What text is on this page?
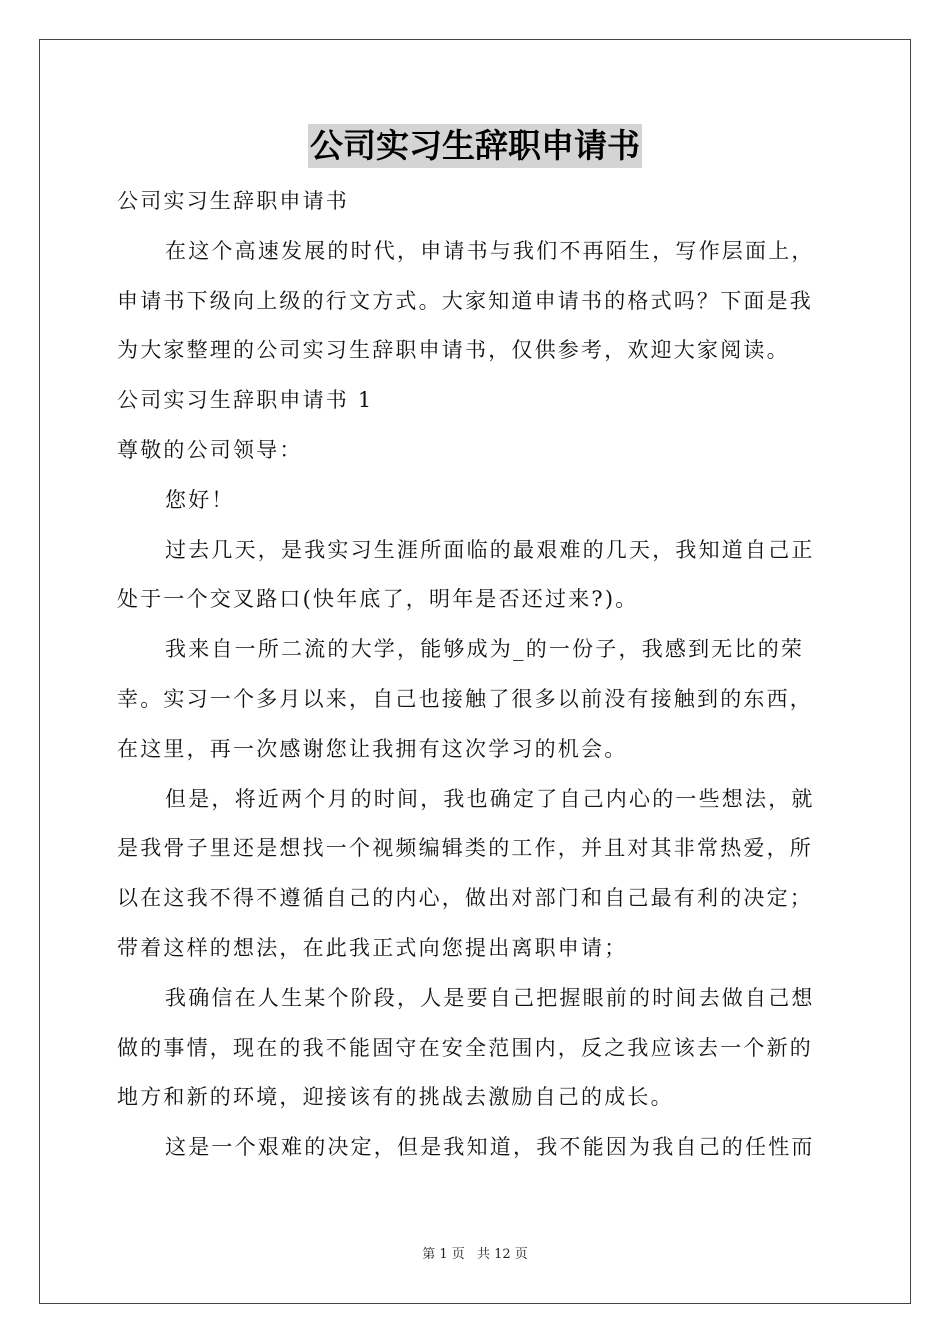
公司实习生辞职申请书
公司实习生辞职申请书
在这个高速发展的时代，申请书与我们不再陌生，写作层面上，
申请书下级向上级的行文方式。大家知道申请书的格式吗？下面是我
为大家整理的公司实习生辞职申请书，仅供参考，欢迎大家阅读。
公司实习生辞职申请书 1
尊敬的公司领导：
您好！
过去几天，是我实习生涯所面临的最艰难的几天，我知道自己正
处于一个交叉路口(快年底了，明年是否还过来?)。
我来自一所二流的大学，能够成为_的一份子，我感到无比的荣
幸。实习一个多月以来，自己也接触了很多以前没有接触到的东西，
在这里，再一次感谢您让我拥有这次学习的机会。
但是，将近两个月的时间，我也确定了自己内心的一些想法，就
是我骨子里还是想找一个视频编辑类的工作，并且对其非常热爱，所
以在这我不得不遵循自己的内心，做出对部门和自己最有利的决定；
带着这样的想法，在此我正式向您提出离职申请；
我确信在人生某个阶段，人是要自己把握眼前的时间去做自己想
做的事情，现在的我不能固守在安全范围内，反之我应该去一个新的
地方和新的环境，迎接该有的挑战去激励自己的成长。
这是一个艰难的决定，但是我知道，我不能因为我自己的任性而
第 1 页 共 12 页
